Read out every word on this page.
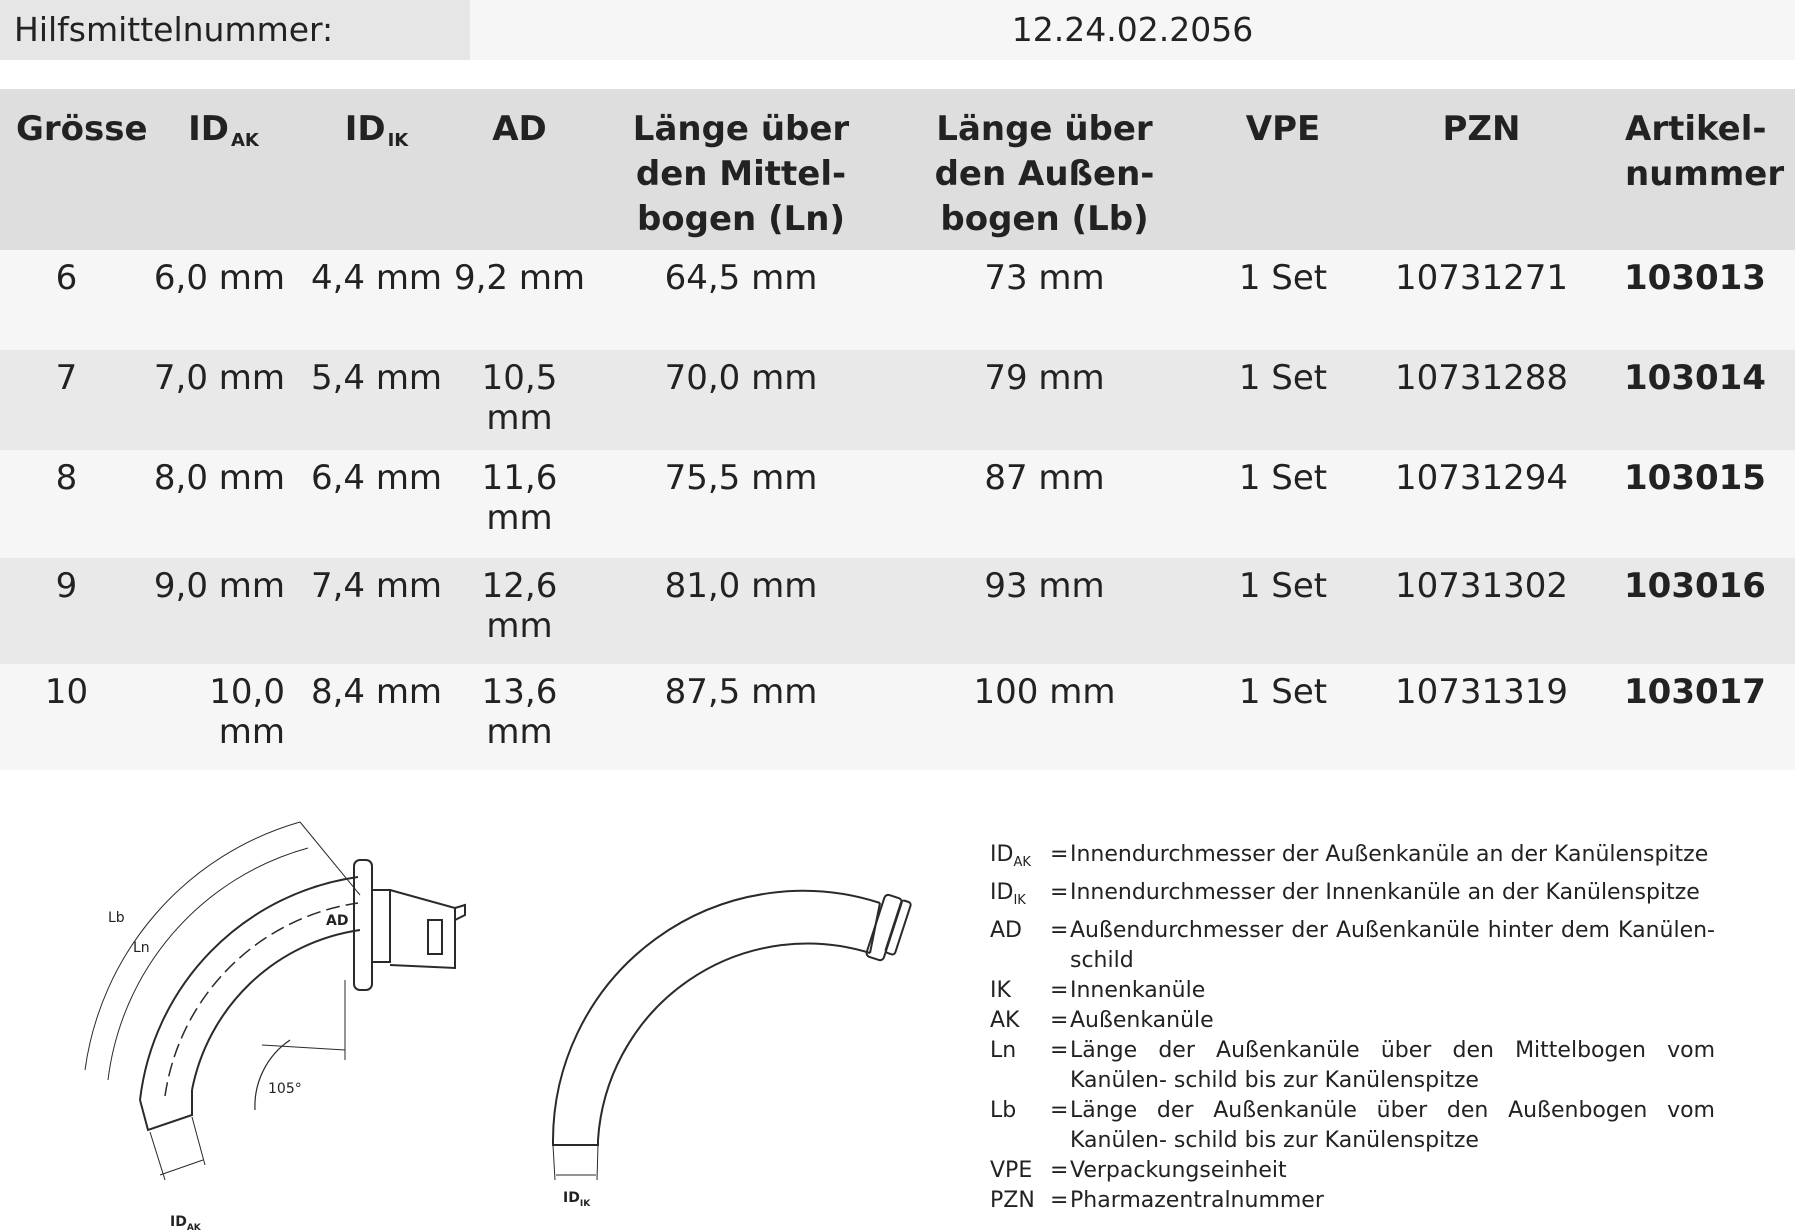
Hilfsmittelnummer:	12.24.02.2056
Grösse	ID $_{AK}$	ID $_{IK}$	AD	Länge über den Mittel- bogen (Ln)	Länge über den Außen- bogen (Lb)	VPE	PZN	Artikel- nummer
6	6,0 mm	4,4 mm	9,2 mm	64,5 mm	73 mm	1 Set	10731271	103013
7	7,0 mm	5,4 mm	10,5 mm	70,0 mm	79 mm	1 Set	10731288	103014
8	8,0 mm	6,4 mm	11,6 mm	75,5 mm	87 mm	1 Set	10731294	103015
9	9,0 mm	7,4 mm	12,6 mm	81,0 mm	93 mm	1 Set	10731302	103016
10	10,0 mm	8,4 mm	13,6 mm	87,5 mm	100 mm	1 Set	10731319	103017
Lb
Ln
AD
105°
$ID_{AK}$
$ID_{IK}$
$ID_{AK}$ = Innendurchmesser der Außenkanüle an der Kanülenspitze
$ID_{IK}$	= Innendurchmesser der Innenkanüle an der Kanülenspitze
AD	= Außendurchmesser der Außenkanüle hinter dem Kanülen- schild
IK	= Innenkanüle
AK	= Außenkanüle
Ln	= Länge der Außenkanüle über den Mittelbogen vom Kanülen- schild bis zur Kanülenspitze
Lb	= Länge der Außenkanüle über den Außenbogen vom Kanülen- schild bis zur Kanülenspitze
VPE = Verpackungseinheit
PZN = Pharmazentralnummer
